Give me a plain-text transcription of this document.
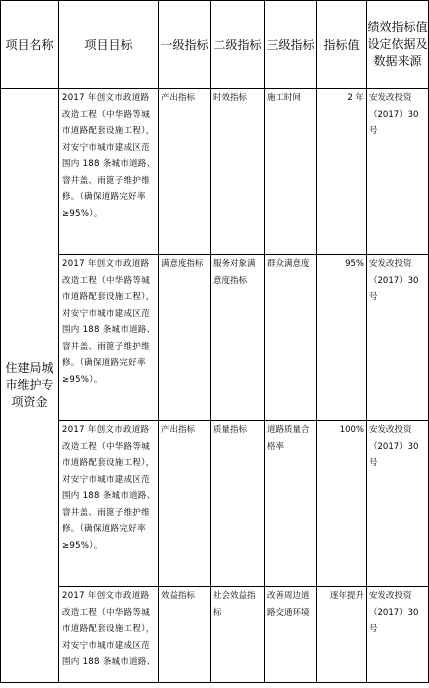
项目名称	项目目标	一级指标	二级指标	三级指标	指标值	绩效指标值设定依据及数据来源
住建局城市维护专项资金	2017 年创文市政道路改造工程（中华路等城市道路配套设施工程），对安宁市城市建成区范围内 188 条城市道路、窨井盖、雨篦子维护维修。（确保道路完好率≥95%）。	产出指标	时效指标	施工时间	2 年	安发改投资（2017）30 号
	2017 年创文市政道路改造工程（中华路等城市道路配套设施工程），对安宁市城市建成区范围内 188 条城市道路、窨井盖、雨篦子维护维修。（确保道路完好率≥95%）。	满意度指标	服务对象满意度指标	群众满意度	95%	安发改投资（2017）30 号
	2017 年创文市政道路改造工程（中华路等城市道路配套设施工程），对安宁市城市建成区范围内 188 条城市道路、窨井盖、雨篦子维护维修。（确保道路完好率≥95%）。	产出指标	质量指标	道路质量合格率	100%	安发改投资（2017）30 号
	2017 年创文市政道路改造工程（中华路等城市道路配套设施工程），对安宁市城市建成区范围内 188 条城市道路、	效益指标	社会效益指标	改善周边道路交通环境	逐年提升	安发改投资（2017）30 号
